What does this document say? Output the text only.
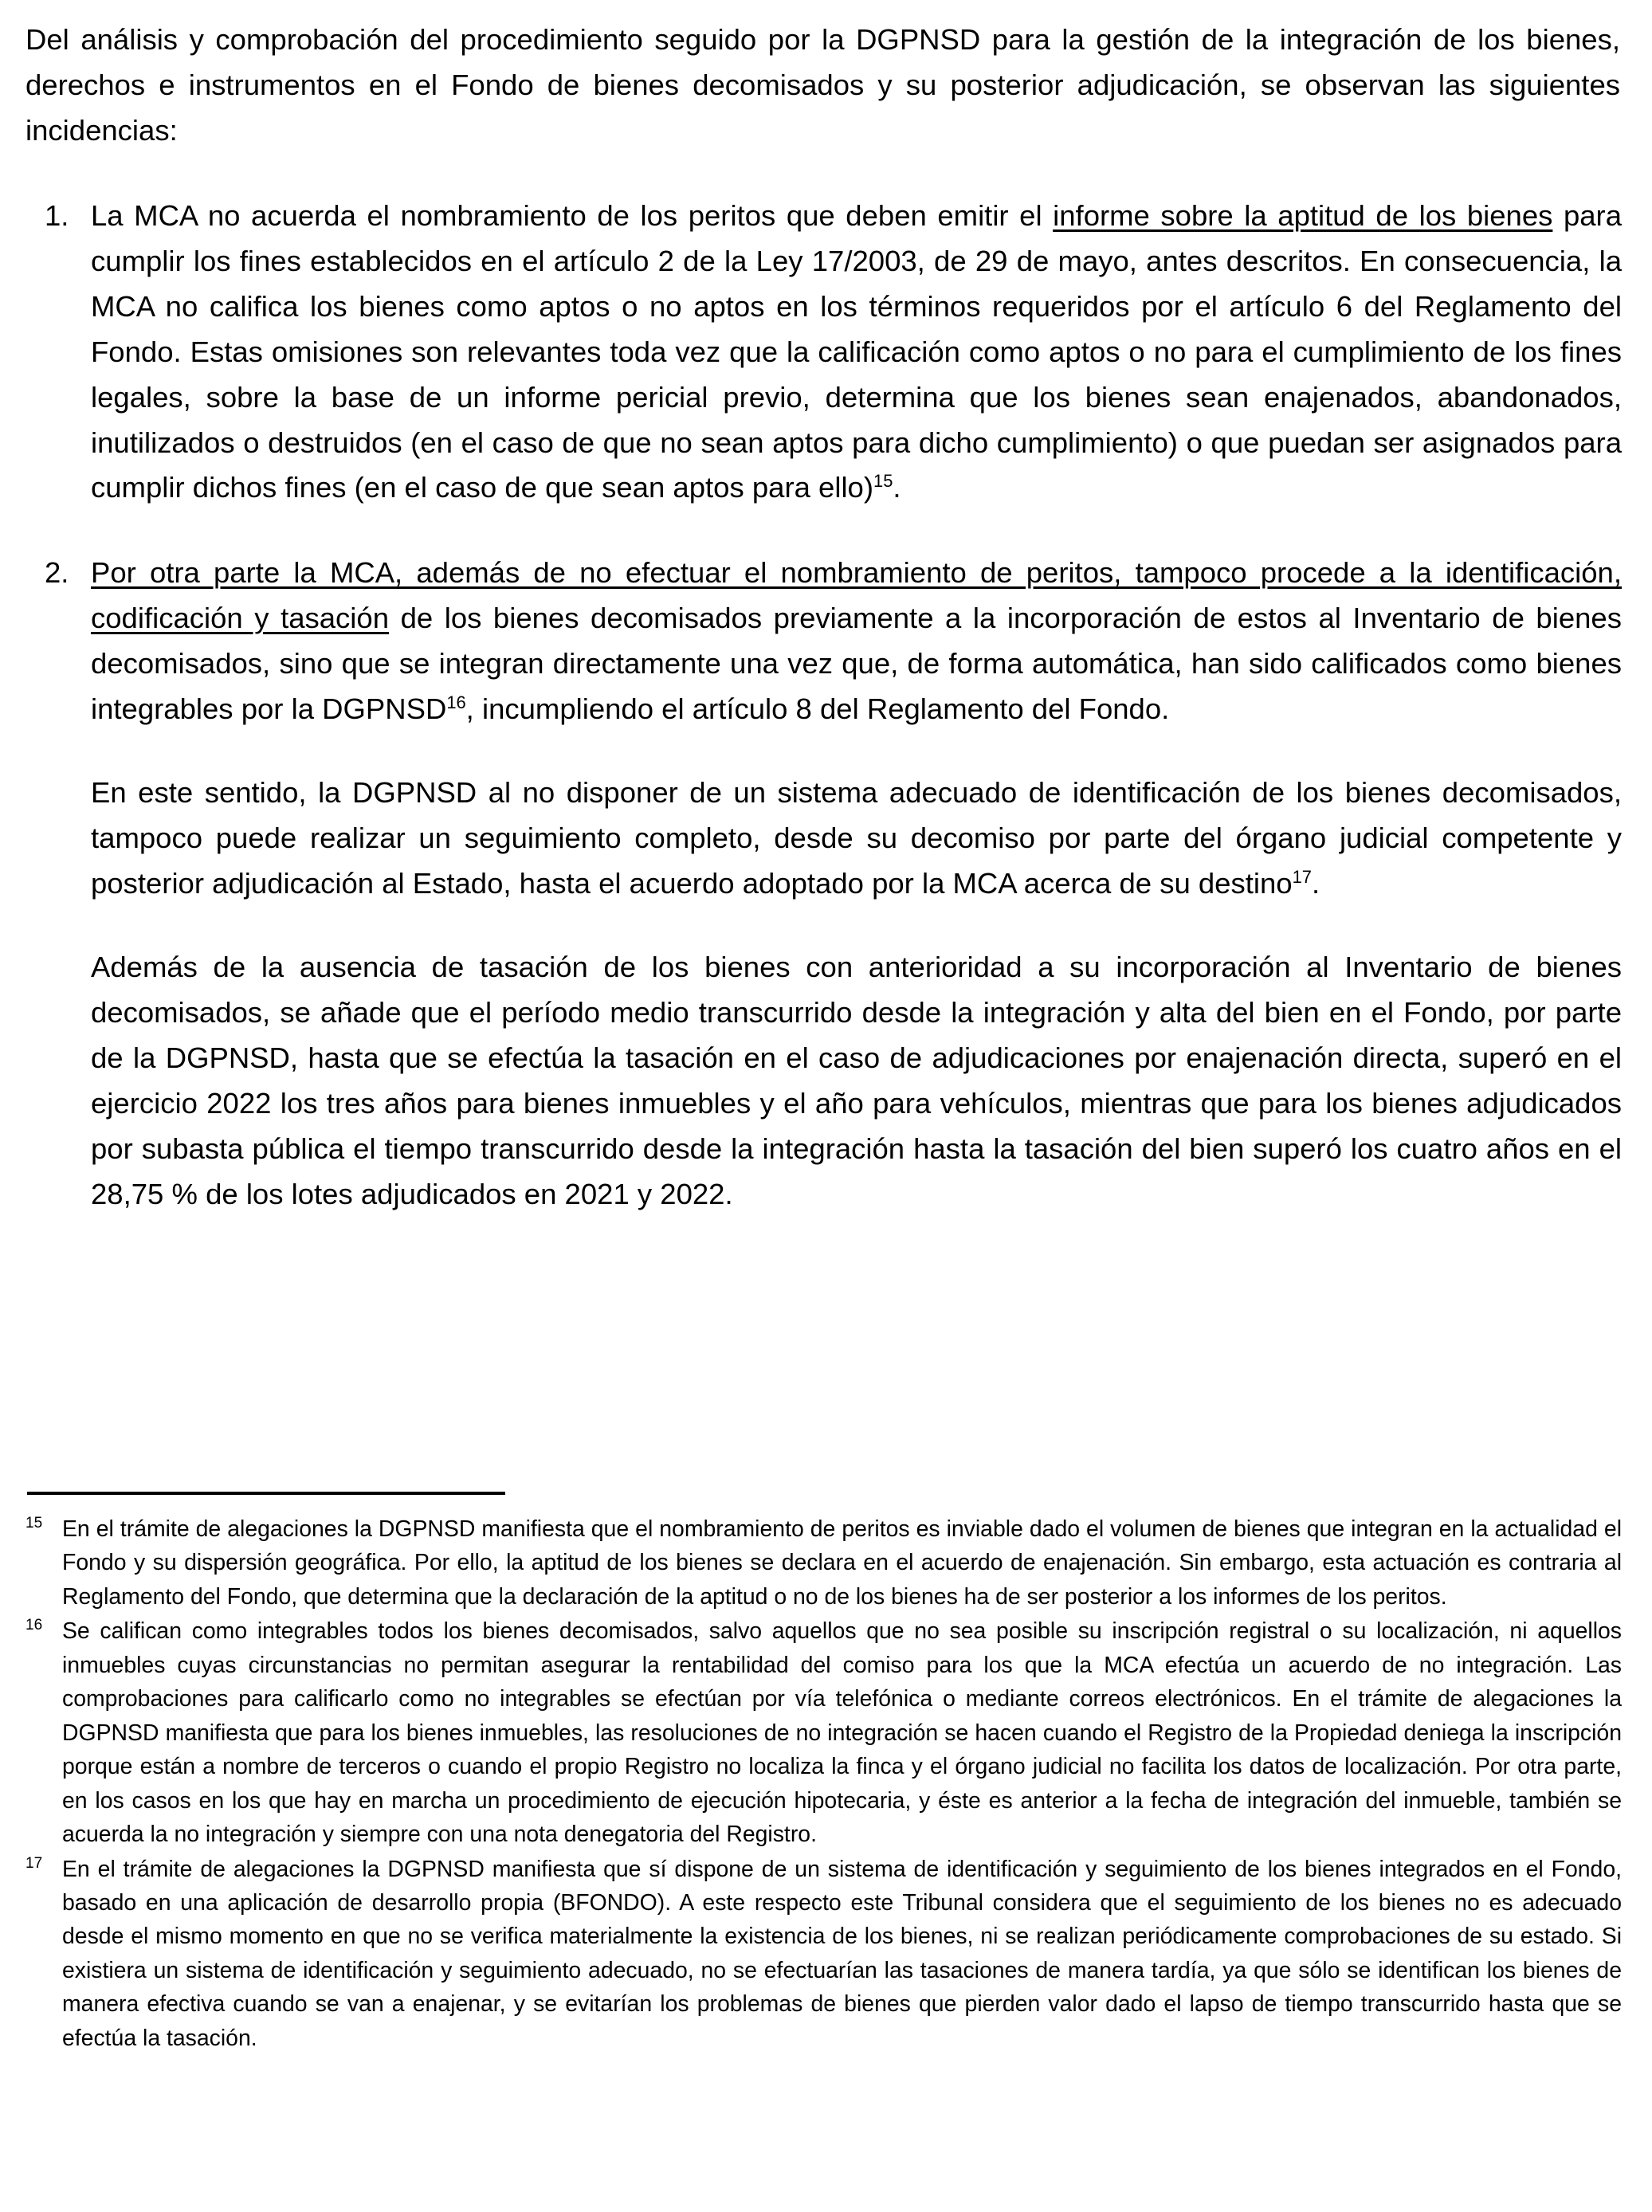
Del análisis y comprobación del procedimiento seguido por la DGPNSD para la gestión de la integración de los bienes, derechos e instrumentos en el Fondo de bienes decomisados y su posterior adjudicación, se observan las siguientes incidencias:

1. La MCA no acuerda el nombramiento de los peritos que deben emitir el informe sobre la aptitud de los bienes para cumplir los fines establecidos en el artículo 2 de la Ley 17/2003, de 29 de mayo, antes descritos. En consecuencia, la MCA no califica los bienes como aptos o no aptos en los términos requeridos por el artículo 6 del Reglamento del Fondo. Estas omisiones son relevantes toda vez que la calificación como aptos o no para el cumplimiento de los fines legales, sobre la base de un informe pericial previo, determina que los bienes sean enajenados, abandonados, inutilizados o destruidos (en el caso de que no sean aptos para dicho cumplimiento) o que puedan ser asignados para cumplir dichos fines (en el caso de que sean aptos para ello)$^{15}$.

2. Por otra parte la MCA, además de no efectuar el nombramiento de peritos, tampoco procede a la identificación, codificación y tasación de los bienes decomisados previamente a la incorporación de estos al Inventario de bienes decomisados, sino que se integran directamente una vez que, de forma automática, han sido calificados como bienes integrables por la DGPNSD$^{16}$, incumpliendo el artículo 8 del Reglamento del Fondo.

En este sentido, la DGPNSD al no disponer de un sistema adecuado de identificación de los bienes decomisados, tampoco puede realizar un seguimiento completo, desde su decomiso por parte del órgano judicial competente y posterior adjudicación al Estado, hasta el acuerdo adoptado por la MCA acerca de su destino$^{17}$.

Además de la ausencia de tasación de los bienes con anterioridad a su incorporación al Inventario de bienes decomisados, se añade que el período medio transcurrido desde la integración y alta del bien en el Fondo, por parte de la DGPNSD, hasta que se efectúa la tasación en el caso de adjudicaciones por enajenación directa, superó en el ejercicio 2022 los tres años para bienes inmuebles y el año para vehículos, mientras que para los bienes adjudicados por subasta pública el tiempo transcurrido desde la integración hasta la tasación del bien superó los cuatro años en el 28,75 % de los lotes adjudicados en 2021 y 2022.

15 En el trámite de alegaciones la DGPNSD manifiesta que el nombramiento de peritos es inviable dado el volumen de bienes que integran en la actualidad el Fondo y su dispersión geográfica. Por ello, la aptitud de los bienes se declara en el acuerdo de enajenación. Sin embargo, esta actuación es contraria al Reglamento del Fondo, que determina que la declaración de la aptitud o no de los bienes ha de ser posterior a los informes de los peritos.
16 Se califican como integrables todos los bienes decomisados, salvo aquellos que no sea posible su inscripción registral o su localización, ni aquellos inmuebles cuyas circunstancias no permitan asegurar la rentabilidad del comiso para los que la MCA efectúa un acuerdo de no integración. Las comprobaciones para calificarlo como no integrables se efectúan por vía telefónica o mediante correos electrónicos. En el trámite de alegaciones la DGPNSD manifiesta que para los bienes inmuebles, las resoluciones de no integración se hacen cuando el Registro de la Propiedad deniega la inscripción porque están a nombre de terceros o cuando el propio Registro no localiza la finca y el órgano judicial no facilita los datos de localización. Por otra parte, en los casos en los que hay en marcha un procedimiento de ejecución hipotecaria, y éste es anterior a la fecha de integración del inmueble, también se acuerda la no integración y siempre con una nota denegatoria del Registro.
17 En el trámite de alegaciones la DGPNSD manifiesta que sí dispone de un sistema de identificación y seguimiento de los bienes integrados en el Fondo, basado en una aplicación de desarrollo propia (BFONDO). A este respecto este Tribunal considera que el seguimiento de los bienes no es adecuado desde el mismo momento en que no se verifica materialmente la existencia de los bienes, ni se realizan periódicamente comprobaciones de su estado. Si existiera un sistema de identificación y seguimiento adecuado, no se efectuarían las tasaciones de manera tardía, ya que sólo se identifican los bienes de manera efectiva cuando se van a enajenar, y se evitarían los problemas de bienes que pierden valor dado el lapso de tiempo transcurrido hasta que se efectúa la tasación.
